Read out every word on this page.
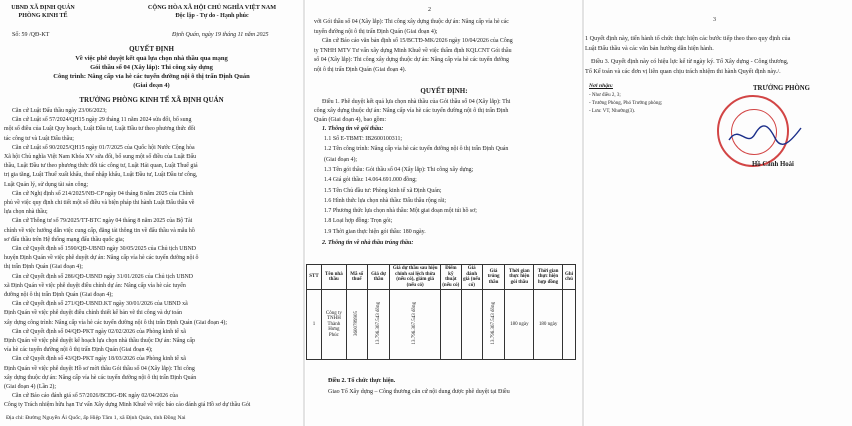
UBND XÃ ĐỊNH QUÁN
PHÒNG KINH TẾ
Số: 59 /QĐ-KT
CỘNG HÒA XÃ HỘI CHỦ NGHĨA VIỆT NAM
Độc lập - Tự do - Hạnh phúc
Định Quán, ngày 19 tháng 11 năm 2025
QUYẾT ĐỊNH
Về việc phê duyệt kết quả lựa chọn nhà thầu qua mạng
Gói thầu số 04 (Xây lắp): Thi công xây dựng
Công trình: Nâng cấp vỉa hè các tuyến đường nội ô thị trấn Định Quán
(Giai đoạn 4)
TRƯỞNG PHÒNG KINH TẾ XÃ ĐỊNH QUÁN
Căn cứ Luật Đấu thầu ngày 23/06/2023;
Căn cứ Luật số 57/2024/QH15 ngày 29 tháng 11 năm 2024 sửa đổi, bổ sung
một số điều của Luật Quy hoạch, Luật Đầu tư, Luật Đầu tư theo phương thức đối
tác công tư và Luật Đấu thầu;
Căn cứ Luật số 90/2025/QH15 ngày 01/7/2025 của Quốc hội Nước Cộng hòa
Xã hội Chủ nghĩa Việt Nam Khóa XV sửa đổi, bổ sung một số điều của Luật Đấu
thầu, Luật Đầu tư theo phương thức đối tác công tư, Luật Hải quan, Luật Thuế giá
trị gia tăng, Luật Thuế xuất khẩu, thuế nhập khẩu, Luật Đầu tư, Luật Đầu tư công,
Luật Quản lý, sử dụng tài sản công;
Căn cứ Nghị định số 214/2025/NĐ-CP ngày 04 tháng 8 năm 2025 của Chính
phủ về việc quy định chi tiết một số điều và biện pháp thi hành Luật Đấu thầu về
lựa chọn nhà thầu;
Căn cứ Thông tư số 79/2025/TT-BTC ngày 04 tháng 8 năm 2025 của Bộ Tài
chính về việc hướng dẫn việc cung cấp, đăng tải thông tin về đấu thầu và mẫu hồ
sơ đấu thầu trên Hệ thống mạng đấu thầu quốc gia;
Căn cứ Quyết định số 1590/QĐ-UBND ngày 30/05/2025 của Chủ tịch UBND
huyện Định Quán về việc phê duyệt dự án: Nâng cấp vỉa hè các tuyến đường nội ô
thị trấn Định Quán (Giai đoạn 4);
Căn cứ Quyết định số 286/QĐ-UBND ngày 31/01/2026 của Chủ tịch UBND
xã Định Quán về việc phê duyệt điều chỉnh dự án: Nâng cấp vỉa hè các tuyến
đường nội ô thị trấn Định Quán (Giai đoạn 4);
Căn cứ Quyết định số 271/QĐ-UBND.KT ngày 30/01/2026 của UBND xã
Định Quán về việc phê duyệt điều chỉnh thiết kế bản vẽ thi công và dự toán
xây dựng công trình: Nâng cấp vỉa hè các tuyến đường nội ô thị trấn Định Quán (Giai đoạn 4);
Căn cứ Quyết định số 04/QĐ-PKT ngày 02/02/2026 của Phòng kinh tế xã
Định Quán về việc phê duyệt kế hoạch lựa chọn nhà thầu thuộc Dự án: Nâng cấp
vỉa hè các tuyến đường nội ô thị trấn Định Quán (Giai đoạn 4);
Căn cứ Quyết định số 43/QĐ-PKT ngày 18/03/2026 của Phòng kinh tế xã
Định Quán về việc phê duyệt Hồ sơ mời thầu Gói thầu số 04 (Xây lắp): Thi công
xây dựng thuộc dự án: Nâng cấp vỉa hè các tuyến đường nội ô thị trấn Định Quán
(Giai đoạn 4) (Lần 2);
Căn cứ Báo cáo đánh giá số 57/2026/BCĐG-ĐK ngày 02/04/2026 của
Công ty Trách nhiệm hữu hạn Tư vấn Xây dựng Minh Khuê về việc báo cáo đánh giá Hồ sơ dự thầu Gói
Địa chỉ: Đường Nguyễn Ái Quốc, ấp Hiệp Tâm 1, xã Định Quán, tỉnh Đồng Nai
2
với Gói thầu số 04 (Xây lắp): Thi công xây dựng thuộc dự án: Nâng cấp vỉa hè các
tuyến đường nội ô thị trấn Định Quán (Giai đoạn 4);
Căn cứ Báo cáo văn bản định số 15/BCTĐ-MK/2026 ngày 10/04/2026 của Công
ty TNHH MTV Tư vấn xây dựng Minh Khuê về việc thẩm định KQLCNT Gói thầu
số 04 (Xây lắp): Thi công xây dựng thuộc dự án: Nâng cấp vỉa hè các tuyến đường
nội ô thị trấn Định Quán (Giai đoạn 4).
QUYẾT ĐỊNH:
Điều 1. Phê duyệt kết quả lựa chọn nhà thầu của Gói thầu số 04 (Xây lắp): Thi
công xây dựng thuộc dự án: Nâng cấp vỉa hè các tuyến đường nội ô thị trấn Định
Quán (Giai đoạn 4), bao gồm:
1. Thông tin về gói thầu:
1.1 Số E-TBMT: IB2600100311;
1.2 Tên công trình: Nâng cấp vỉa hè các tuyến đường nội ô thị trấn Định Quán
(Giai đoạn 4);
1.3 Tên gói thầu: Gói thầu số 04 (Xây lắp): Thi công xây dựng;
1.4 Giá gói thầu: 14.064.691.000 đồng;
1.5 Tên Chủ đầu tư: Phòng kinh tế xã Định Quán;
1.6 Hình thức lựa chọn nhà thầu: Đấu thầu rộng rãi;
1.7 Phương thức lựa chọn nhà thầu: Một giai đoạn một túi hồ sơ;
1.8 Loại hợp đồng: Trọn gói;
1.9 Thời gian thực hiện gói thầu: 180 ngày.
2. Thông tin về nhà thầu trúng thầu:
STT	Tên nhà thầu	Mã số thuế	Giá dự thầu	Giá dự thầu sau hiệu chỉnh sai lệch thừa (nếu có), giảm giá (nếu có)	Điểm kỹ thuật (nếu có)	Giá đánh giá (nếu có)	Giá trúng thầu	Thời gian thực hiện gói thầu	Thời gian thực hiện hợp đồng	Ghi chú
1	Công ty TNHH Thành Hưng Phúc	3600789905	13.796.367.543 đồng	13.796.367.543 đồng			13.796.367.543 đồng	180 ngày	180 ngày	
Điều 2. Tổ chức thực hiện.
Giao Tổ Xây dựng – Công thương căn cứ nội dung được phê duyệt tại Điều
3
1 Quyết định này, tiến hành tổ chức thực hiện các bước tiếp theo theo quy định của
Luật Đấu thầu và các văn bản hướng dẫn hiện hành.
Điều 3. Quyết định này có hiệu lực kể từ ngày ký. Tổ Xây dựng - Công thương,
Tổ Kế toán và các đơn vị liên quan chịu trách nhiệm thi hành Quyết định này./.
Nơi nhận:
- Như điều 2, 3;
- Trưởng Phòng, Phó Trưởng phòng;
- Lưu: VT, Nhường(3).
TRƯỞNG PHÒNG
Hồ Cảnh Hoài
